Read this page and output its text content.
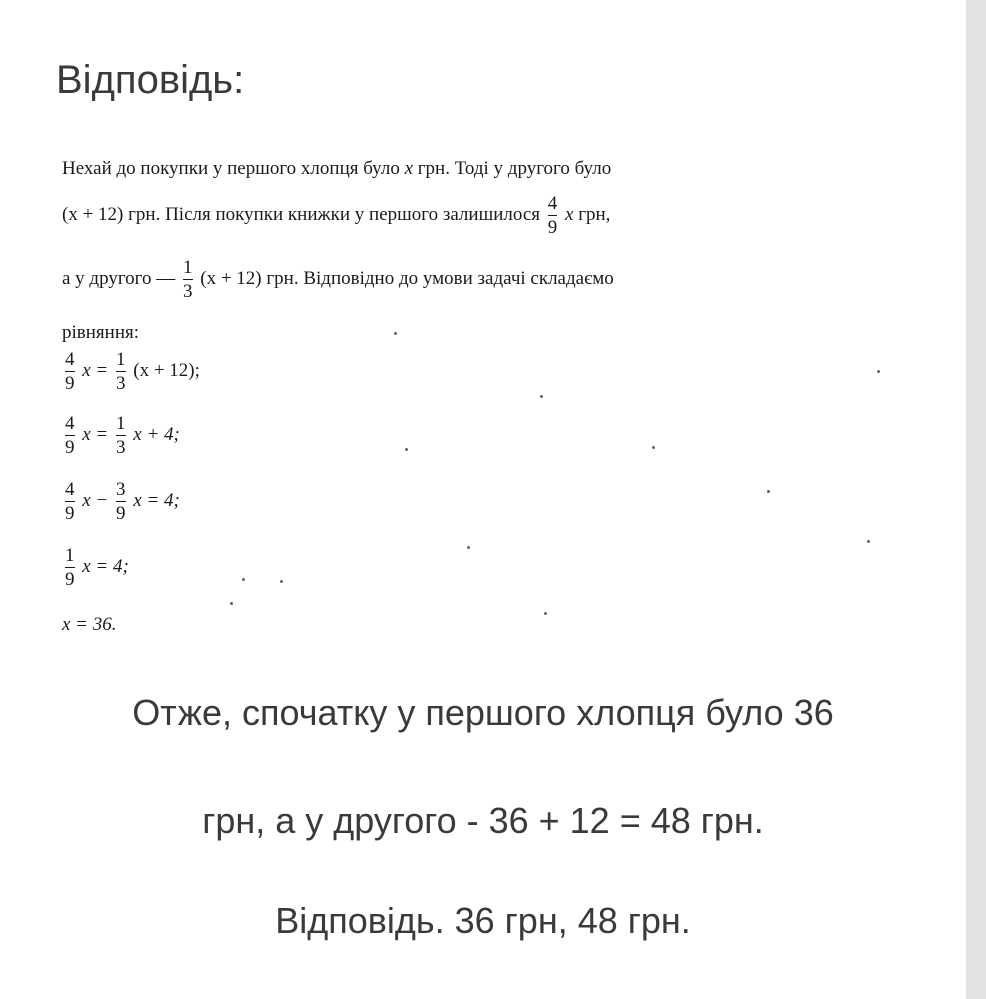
Відповідь:
Нехай до покупки у першого хлопця було x грн. Тоді у другого було
(x + 12) грн. Після покупки книжки у першого залишилося $\frac{4}{9}$ x грн,
а у другого — $\frac{1}{3} (x + 12)$ грн. Відповідно до умови задачі складаємо
рівняння:
$\frac{4}{9}$ $x = \frac{1}{3} (x + 12)$;
$\frac{4}{9}$ $x = \frac{1}{3}$ x + 4;
$\frac{4}{9}$ $x - \frac{3}{9}$ x = 4;
$\frac{1}{9}$ x = 4;
x = 36.

Отже, спочатку у першого хлопця було 36

грн, а у другого - 36 + 12 = 48 грн.

Відповідь. 36 грн, 48 грн.
